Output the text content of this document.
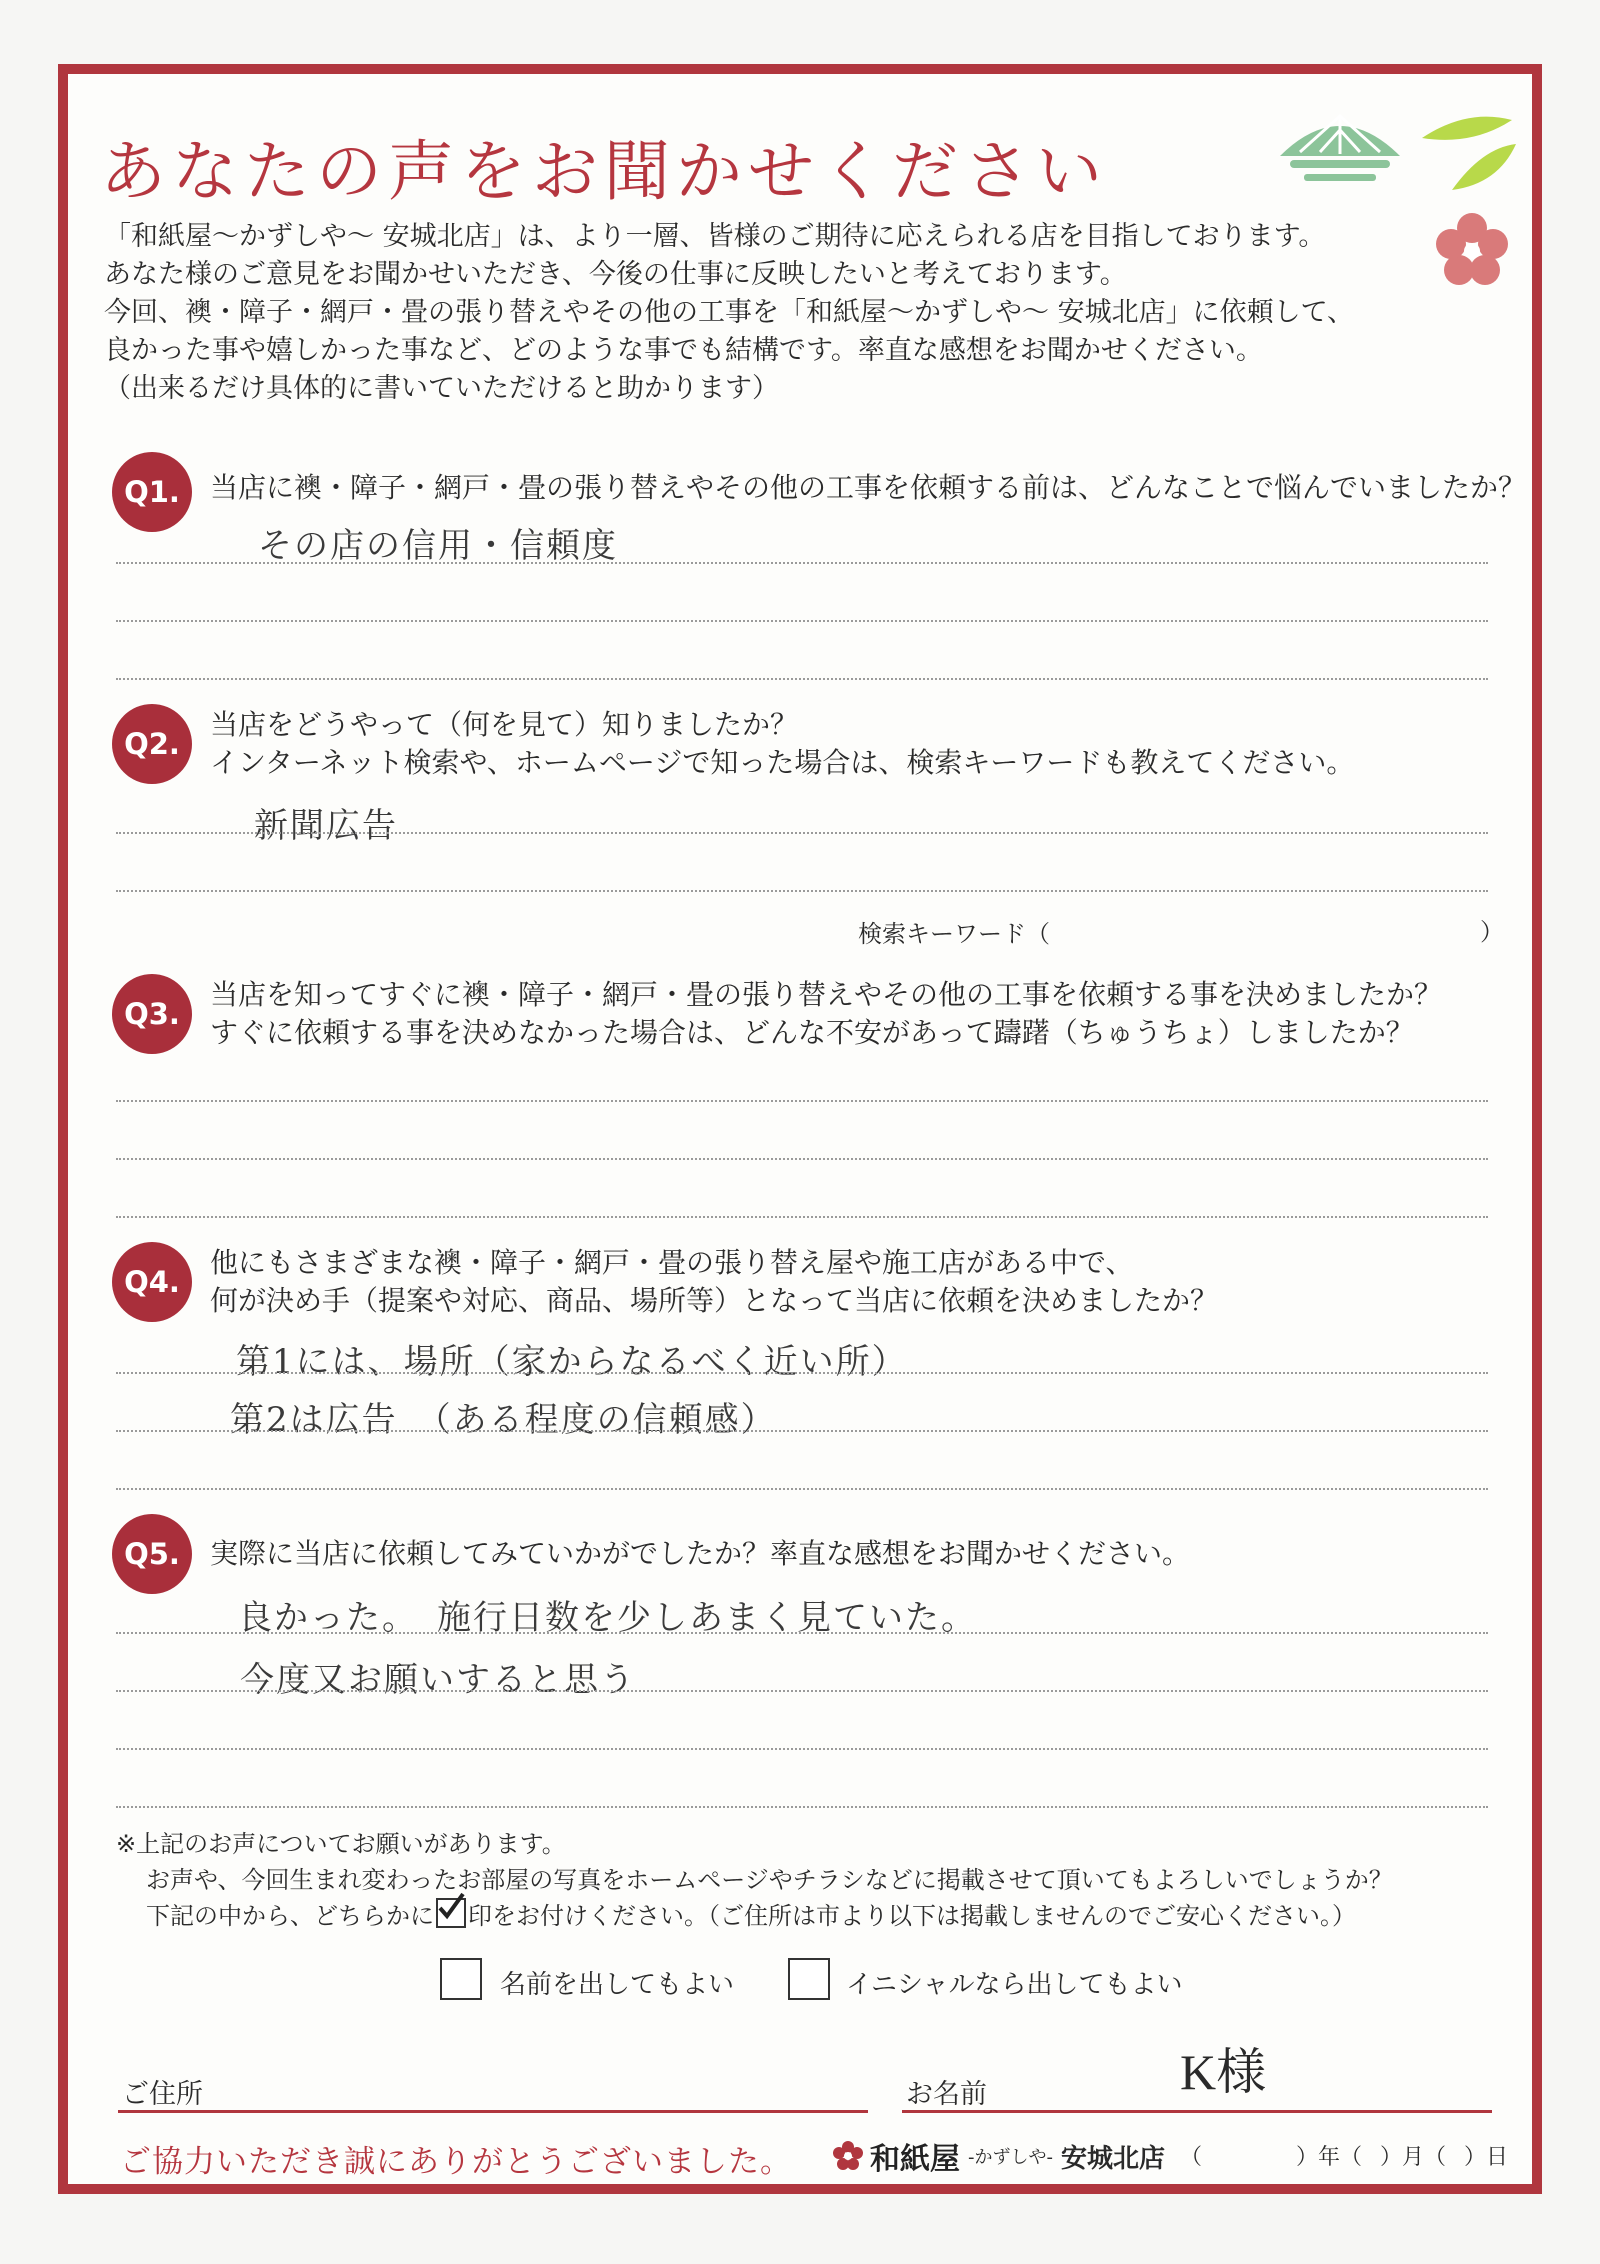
あなたの声をお聞かせください
「和紙屋〜かずしや〜 安城北店」は、より一層、皆様のご期待に応えられる店を目指しております。
あなた様のご意見をお聞かせいただき、今後の仕事に反映したいと考えております。
今回、襖・障子・網戸・畳の張り替えやその他の工事を「和紙屋〜かずしや〜 安城北店」に依頼して、
良かった事や嬉しかった事など、どのような事でも結構です。率直な感想をお聞かせください。
（出来るだけ具体的に書いていただけると助かります）
Q1.	当店に襖・障子・網戸・畳の張り替えやその他の工事を依頼する前は、どんなことで悩んでいましたか？
その店の信用・信頼度
Q2.
当店をどうやって（何を見て）知りましたか？
インターネット検索や、ホームページで知った場合は、検索キーワードも教えてください。
新聞広告
検索キーワード（	）
Q3.
当店を知ってすぐに襖・障子・網戸・畳の張り替えやその他の工事を依頼する事を決めましたか？
すぐに依頼する事を決めなかった場合は、どんな不安があって躊躇（ちゅうちょ）しましたか？
Q4.
他にもさまざまな襖・障子・網戸・畳の張り替え屋や施工店がある中で、
何が決め手（提案や対応、商品、場所等）となって当店に依頼を決めましたか？
第1には、場所（家からなるべく近い所）
第2は広告　（ある程度の信頼感）
Q5.	実際に当店に依頼してみていかがでしたか？率直な感想をお聞かせください。
良かった。　施行日数を少しあまく見ていた。
今度又お願いすると思う
※上記のお声についてお願いがあります。
お声や、今回生まれ変わったお部屋の写真をホームページやチラシなどに掲載させて頂いてもよろしいでしょうか？
下記の中から、どちらかに 印をお付けください。（ご住所は市より以下は掲載しませんのでご安心ください。）
名前を出してもよい	イニシャルなら出してもよい
ご住所	お名前	K様
ご協力いただき誠にありがとうございました。	和紙屋 -かずしや- 安城北店 （	）年（ ）月（ ）日
